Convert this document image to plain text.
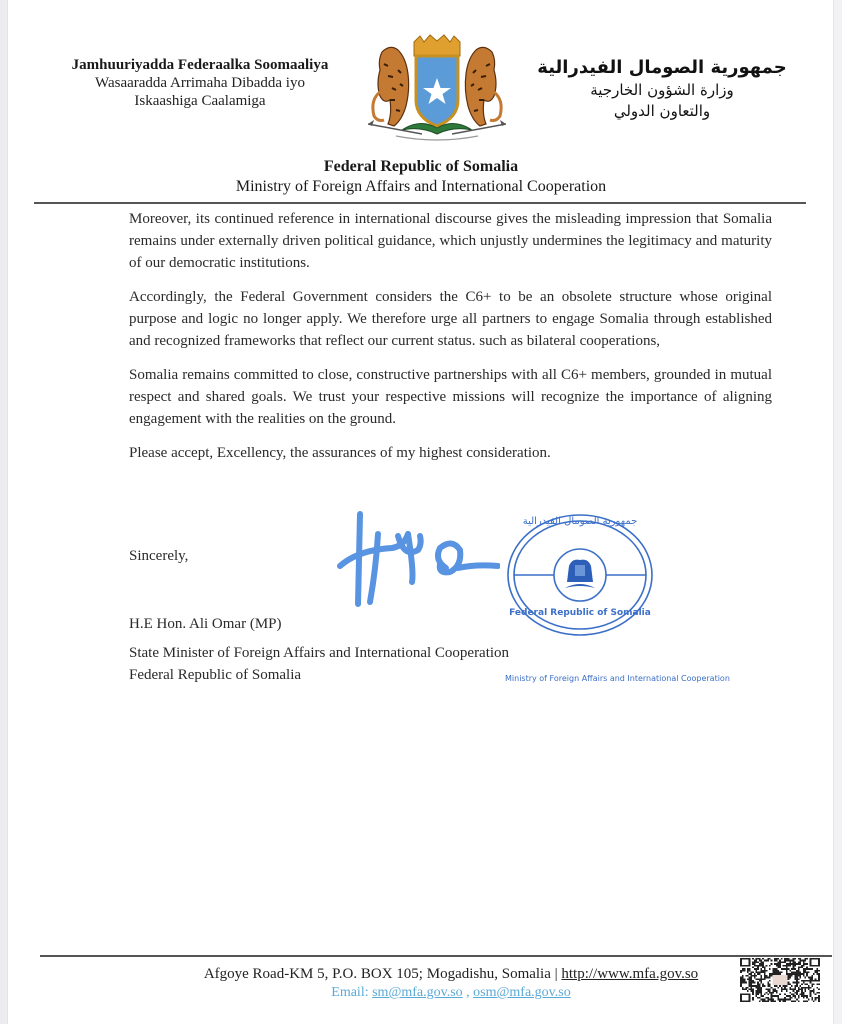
Jamhuuriyadda Federaalka Soomaaliya
Wasaaradda Arrimaha Dibadda iyo
Iskaashiga Caalamiga
جمهورية الصومال الفيدرالية
وزارة الشؤون الخارجية
والتعاون الدولي
Federal Republic of Somalia
Ministry of Foreign Affairs and International Cooperation

Moreover, its continued reference in international discourse gives the misleading impression that Somalia remains under externally driven political guidance, which unjustly undermines the legitimacy and maturity of our democratic institutions.

Accordingly, the Federal Government considers the C6+ to be an obsolete structure whose original purpose and logic no longer apply. We therefore urge all partners to engage Somalia through established and recognized frameworks that reflect our current status. such as bilateral cooperations,

Somalia remains committed to close, constructive partnerships with all C6+ members, grounded in mutual respect and shared goals. We trust your respective missions will recognize the importance of aligning engagement with the realities on the ground.

Please accept, Excellency, the assurances of my highest consideration.

Sincerely,
جمهورية الصومال الفيدرالية
Federal Republic of Somalia
Ministry of Foreign Affairs and International Cooperation
H.E Hon. Ali Omar (MP)
State Minister of Foreign Affairs and International Cooperation
Federal Republic of Somalia
Afgoye Road-KM 5, P.O. BOX 105; Mogadishu, Somalia | http://www.mfa.gov.so
Email: sm@mfa.gov.so , osm@mfa.gov.so
